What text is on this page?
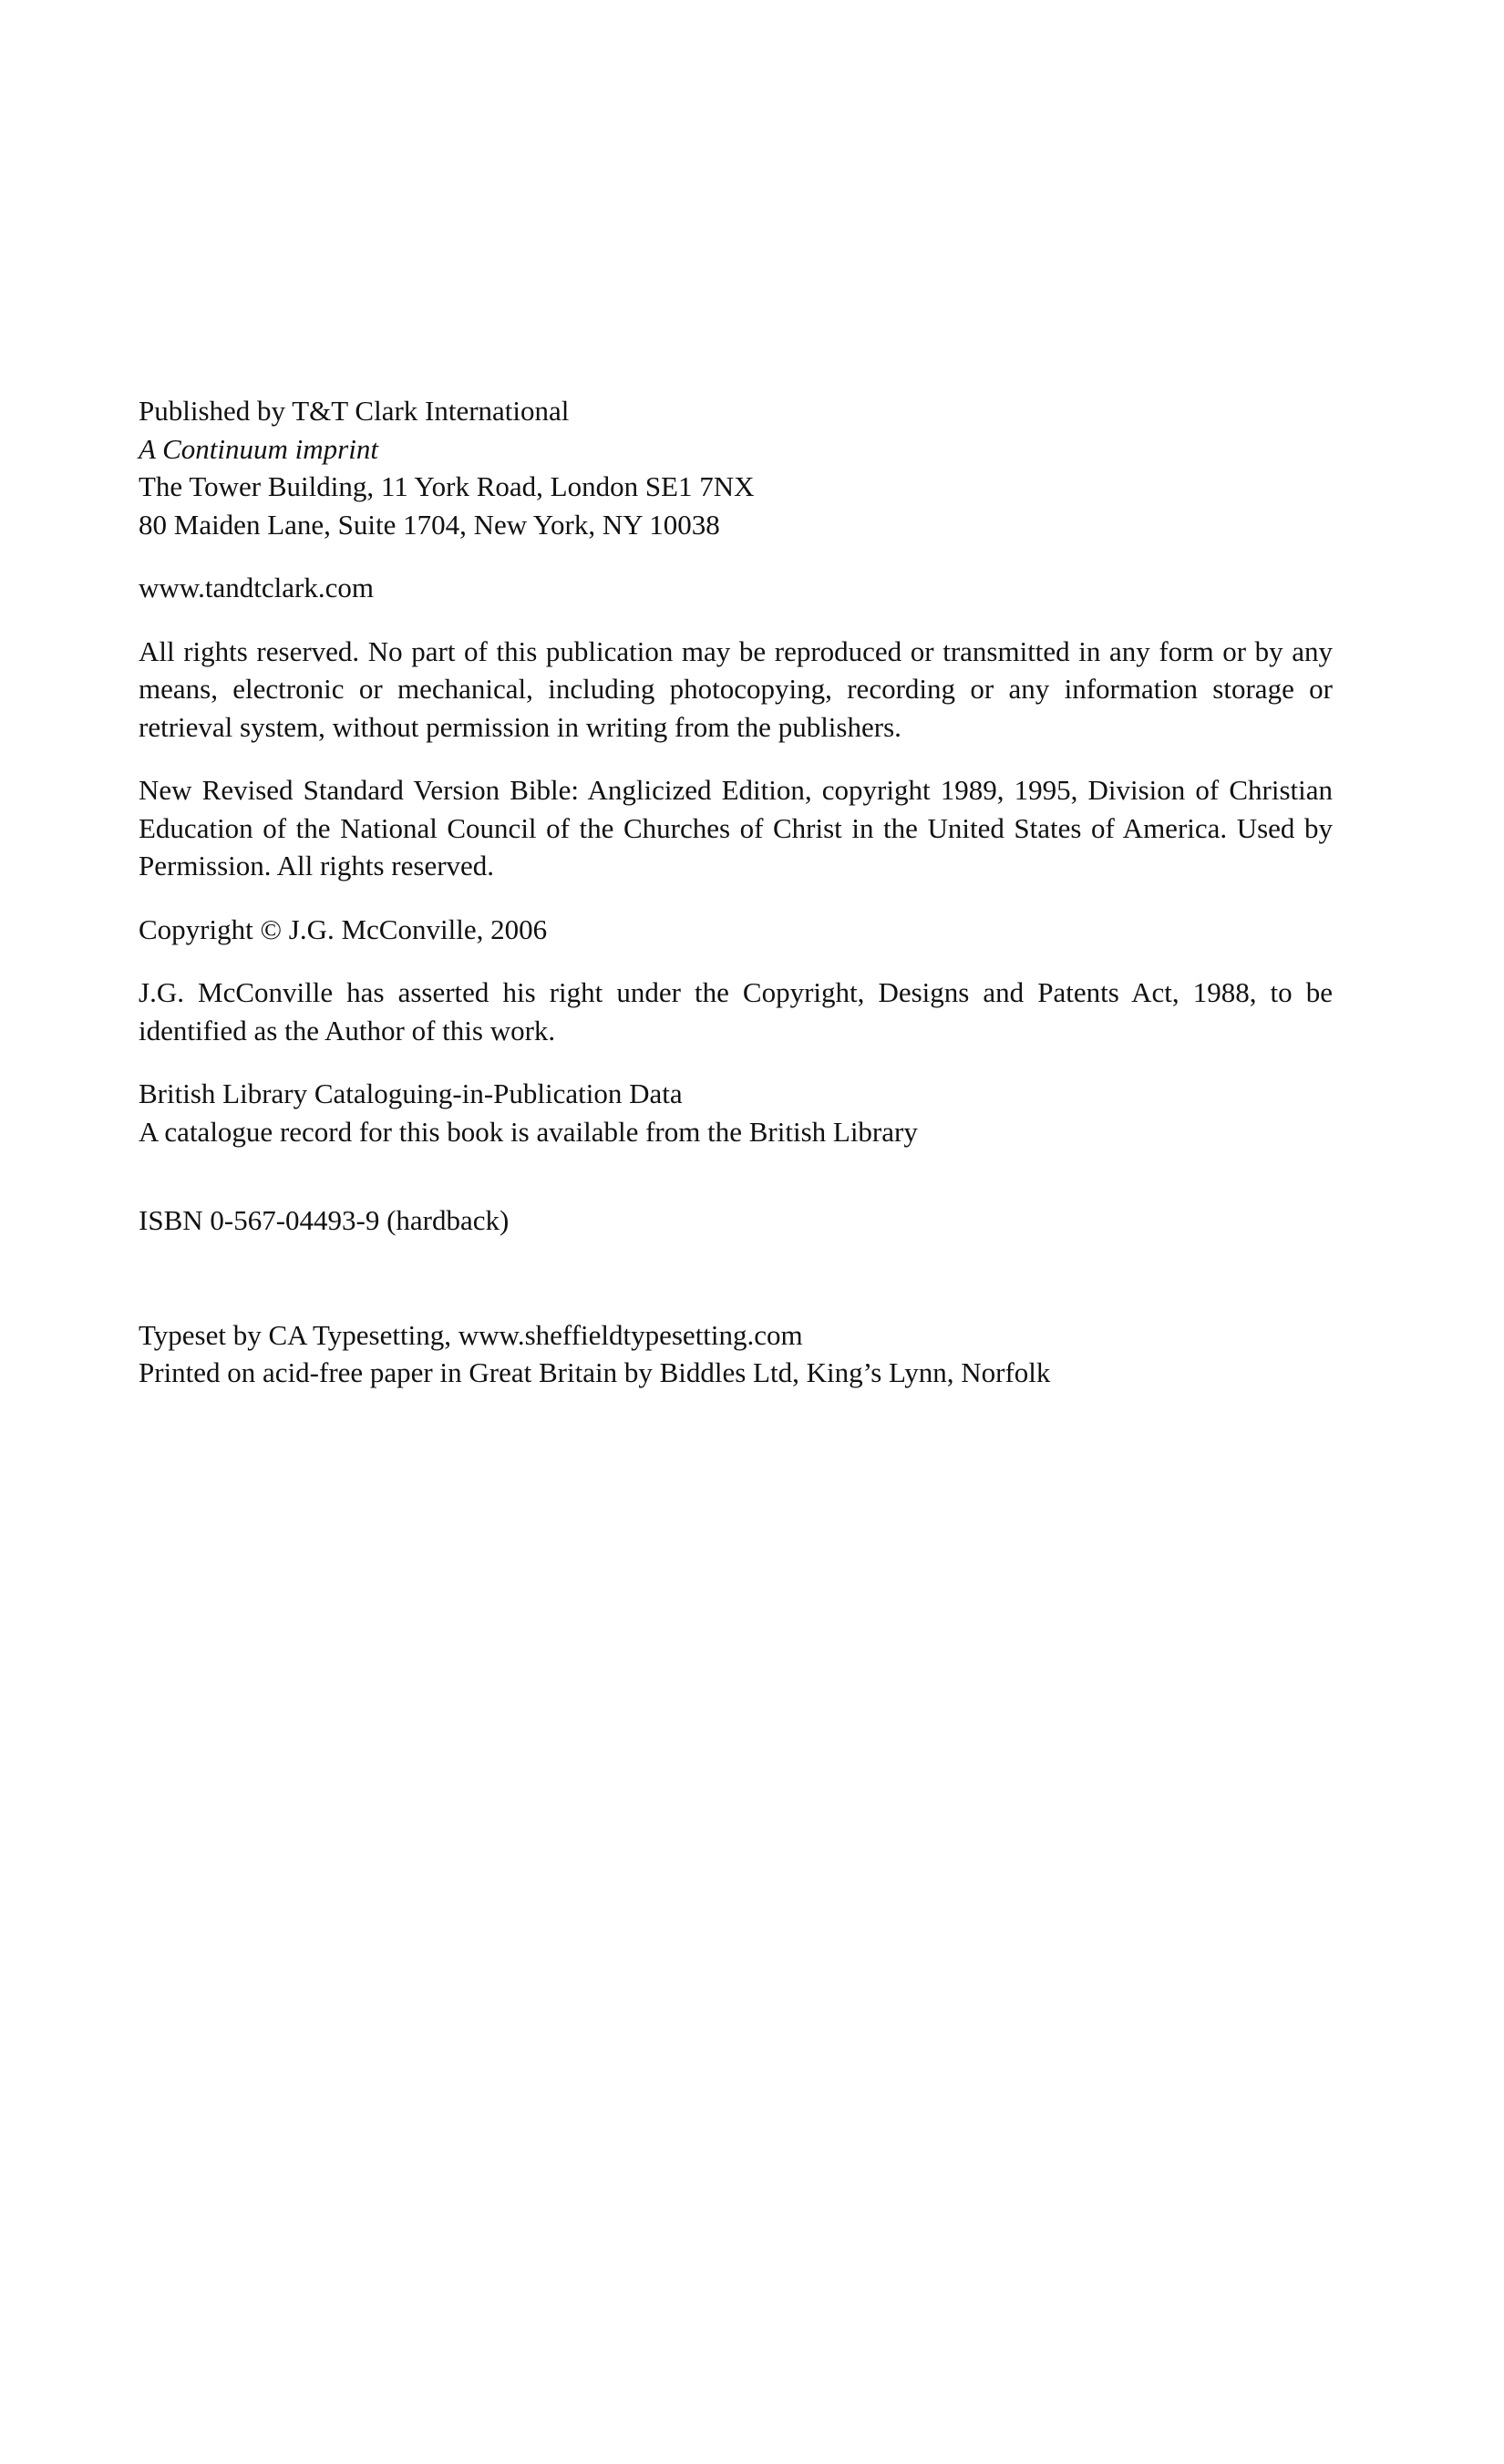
Published by T&T Clark International

A Continuum imprint

The Tower Building, 11 York Road, London SE1 7NX

80 Maiden Lane, Suite 1704, New York, NY 10038

www.tandtclark.com

All rights reserved. No part of this publication may be reproduced or transmitted in any form or by any means, electronic or mechanical, including photocopying, recording or any information storage or retrieval system, without permission in writing from the publishers.

New Revised Standard Version Bible: Anglicized Edition, copyright 1989, 1995, Division of Christian Education of the National Council of the Churches of Christ in the United States of America. Used by Permission. All rights reserved.

Copyright © J.G. McConville, 2006

J.G. McConville has asserted his right under the Copyright, Designs and Patents Act, 1988, to be identified as the Author of this work.

British Library Cataloguing-in-Publication Data

A catalogue record for this book is available from the British Library

ISBN 0-567-04493-9 (hardback)

Typeset by CA Typesetting, www.sheffieldtypesetting.com

Printed on acid-free paper in Great Britain by Biddles Ltd, King’s Lynn, Norfolk
